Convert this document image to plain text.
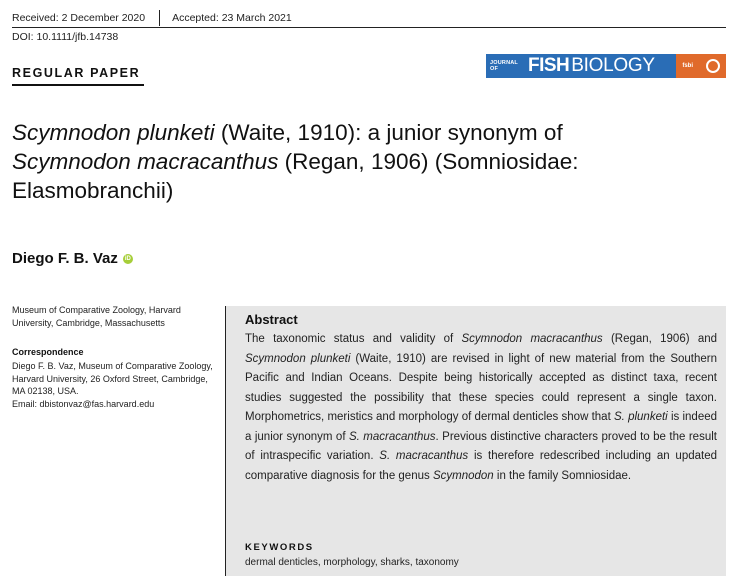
Received: 2 December 2020	Accepted: 23 March 2021
DOI: 10.1111/jfb.14738
REGULAR PAPER
JOURNAL OF	FISH BIOLOGY	fsbi
Scymnodon plunketi (Waite, 1910): a junior synonym of Scymnodon macracanthus (Regan, 1906) (Somniosidae: Elasmobranchii)
Diego F. B. Vaz	iD
Museum of Comparative Zoology, Harvard University, Cambridge, Massachusetts
Correspondence
Diego F. B. Vaz, Museum of Comparative Zoology, Harvard University, 26 Oxford Street, Cambridge, MA 02138, USA.
Email: dbistonvaz@fas.harvard.edu
Abstract
The taxonomic status and validity of Scymnodon macracanthus (Regan, 1906) and Scymnodon plunketi (Waite, 1910) are revised in light of new material from the Southern Pacific and Indian Oceans. Despite being historically accepted as distinct taxa, recent studies suggested the possibility that these species could represent a single taxon. Morphometrics, meristics and morphology of dermal denticles show that S. plunketi is indeed a junior synonym of S. macracanthus. Previous distinctive characters proved to be the result of intraspecific variation. S. macracanthus is therefore redescribed including an updated comparative diagnosis for the genus Scymnodon in the family Somniosidae.
KEYWORDS
dermal denticles, morphology, sharks, taxonomy
